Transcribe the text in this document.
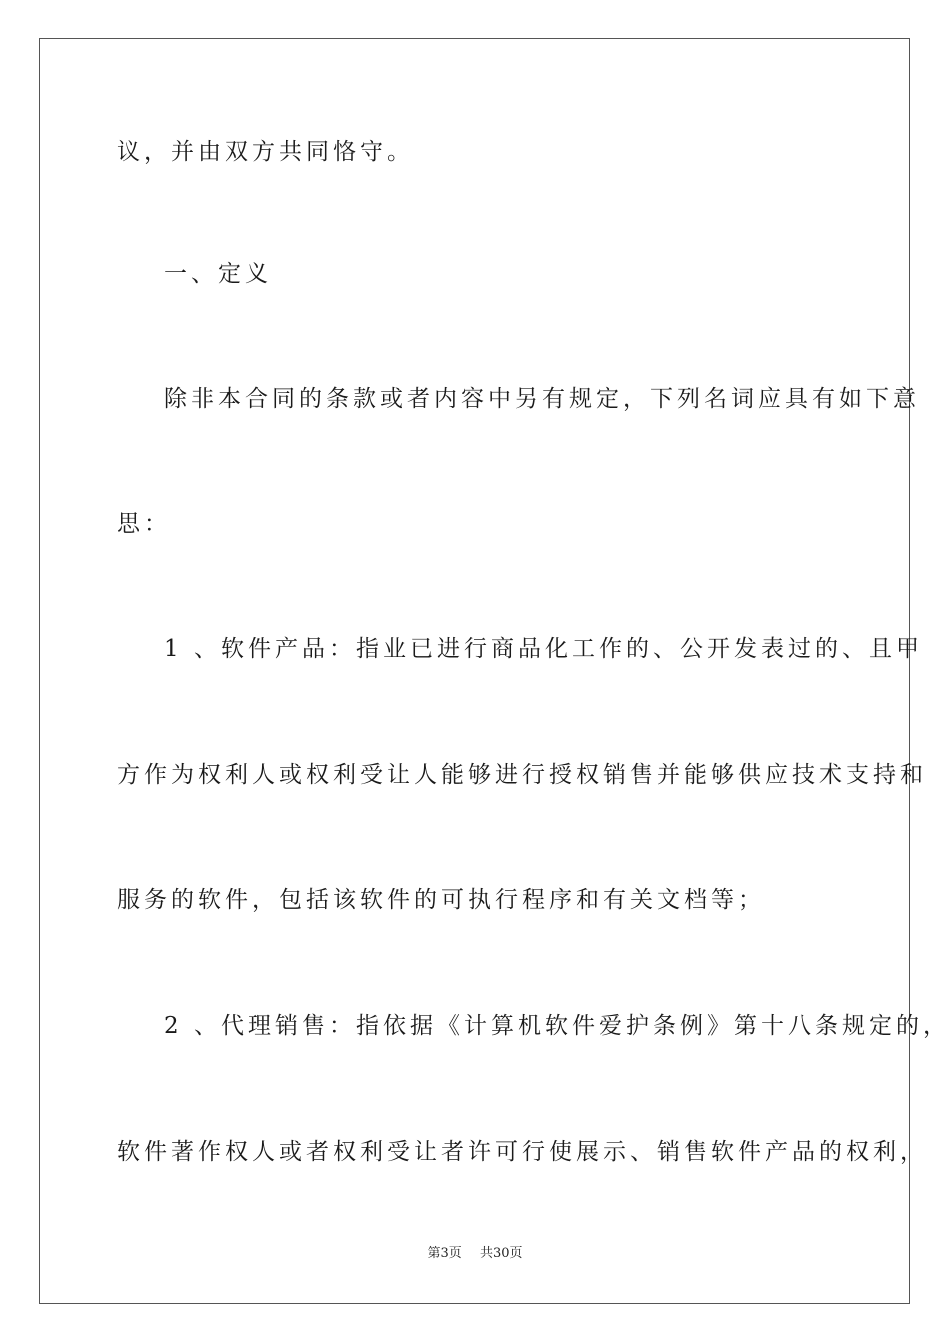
议，并由双方共同恪守。
一、定义
除非本合同的条款或者内容中另有规定，下列名词应具有如下意
思：
1 、软件产品：指业已进行商品化工作的、公开发表过的、且甲
方作为权利人或权利受让人能够进行授权销售并能够供应技术支持和
服务的软件，包括该软件的可执行程序和有关文档等；
2 、代理销售：指依据《计算机软件爱护条例》第十八条规定的，
软件著作权人或者权利受让者许可行使展示、销售软件产品的权利，
第3页 共30页
